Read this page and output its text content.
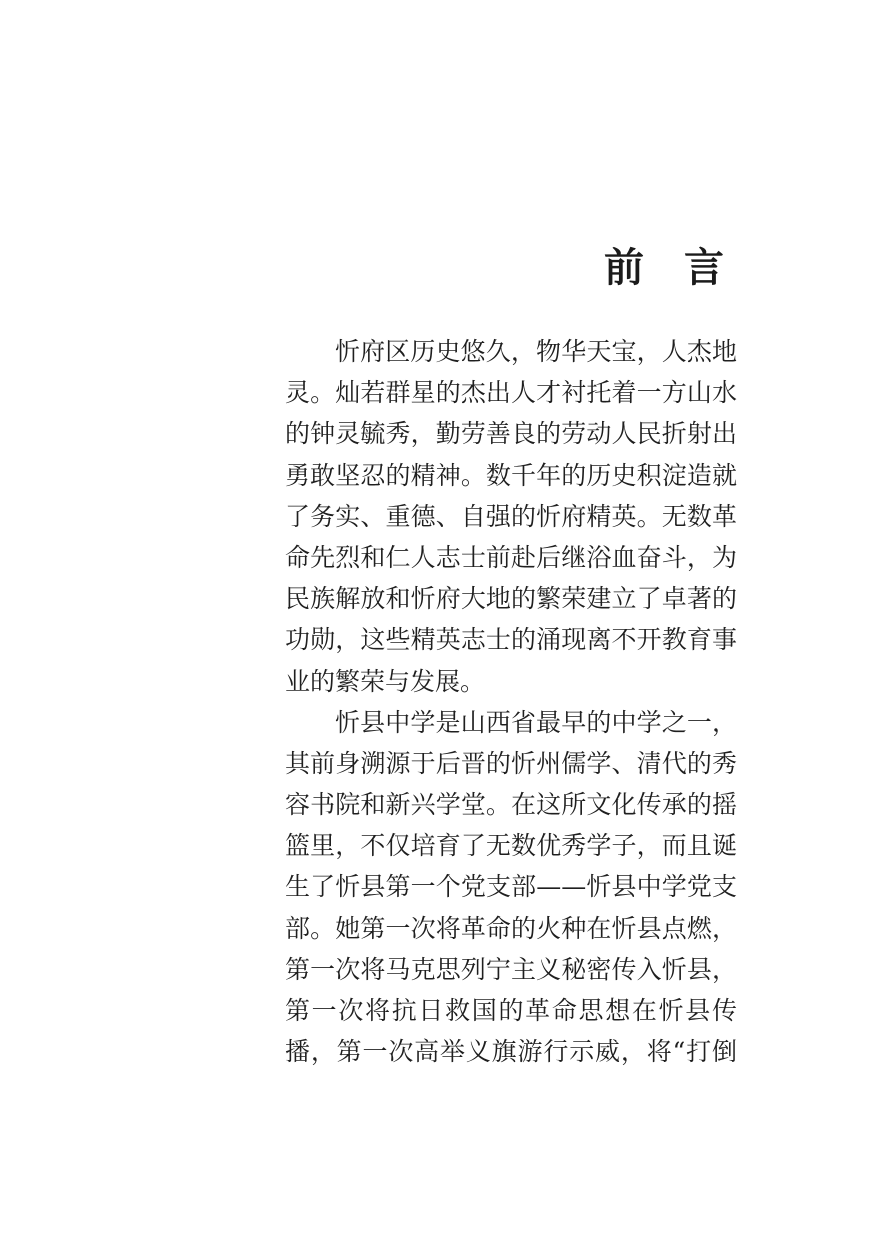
前　言
忻府区历史悠久，物华天宝，人杰地
灵。灿若群星的杰出人才衬托着一方山水
的钟灵毓秀，勤劳善良的劳动人民折射出
勇敢坚忍的精神。数千年的历史积淀造就
了务实、重德、自强的忻府精英。无数革
命先烈和仁人志士前赴后继浴血奋斗，为
民族解放和忻府大地的繁荣建立了卓著的
功勋，这些精英志士的涌现离不开教育事
业的繁荣与发展。
忻县中学是山西省最早的中学之一，
其前身溯源于后晋的忻州儒学、清代的秀
容书院和新兴学堂。在这所文化传承的摇
篮里，不仅培育了无数优秀学子，而且诞
生了忻县第一个党支部——忻县中学党支
部。她第一次将革命的火种在忻县点燃，
第一次将马克思列宁主义秘密传入忻县，
第一次将抗日救国的革命思想在忻县传
播，第一次高举义旗游行示威，将“打倒
